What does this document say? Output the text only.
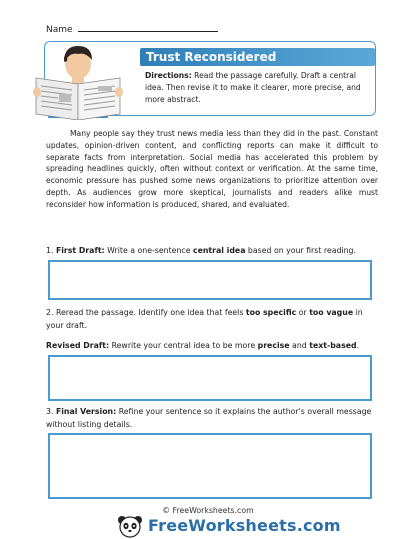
Name
Trust Reconsidered
Directions: Read the passage carefully. Draft a central idea. Then revise it to make it clearer, more precise, and more abstract.
Many people say they trust news media less than they did in the past. Constant updates, opinion-driven content, and conflicting reports can make it difficult to separate facts from interpretation. Social media has accelerated this problem by spreading headlines quickly, often without context or verification. At the same time, economic pressure has pushed some news organizations to prioritize attention over depth. As audiences grow more skeptical, journalists and readers alike must reconsider how information is produced, shared, and evaluated.
1. First Draft: Write a one-sentence central idea based on your first reading.
2. Reread the passage. Identify one idea that feels too specific or too vague in your draft.
Revised Draft: Rewrite your central idea to be more precise and text-based.
3. Final Version: Refine your sentence so it explains the author's overall message without listing details.
© FreeWorksheets.com
FreeWorksheets.com
